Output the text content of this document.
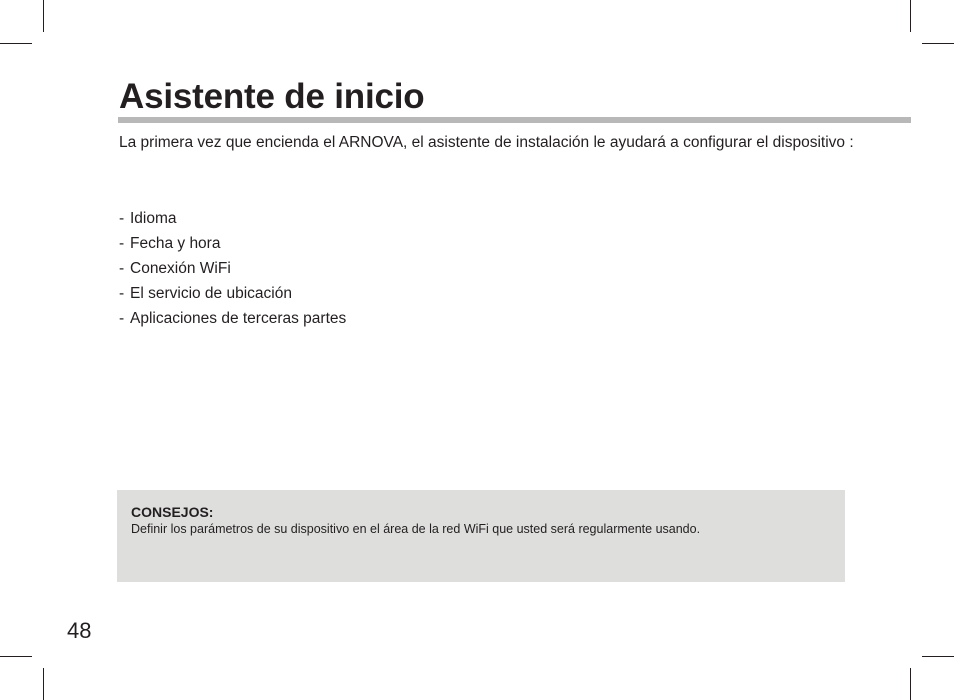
Asistente de inicio

La primera vez que encienda el ARNOVA, el asistente de instalación le ayudará a configurar el dispositivo :

- Idioma
- Fecha y hora
- Conexión WiFi
- El servicio de ubicación
- Aplicaciones de terceras partes

CONSEJOS:

Definir los parámetros de su dispositivo en el área de la red WiFi que usted será regularmente usando.

48
